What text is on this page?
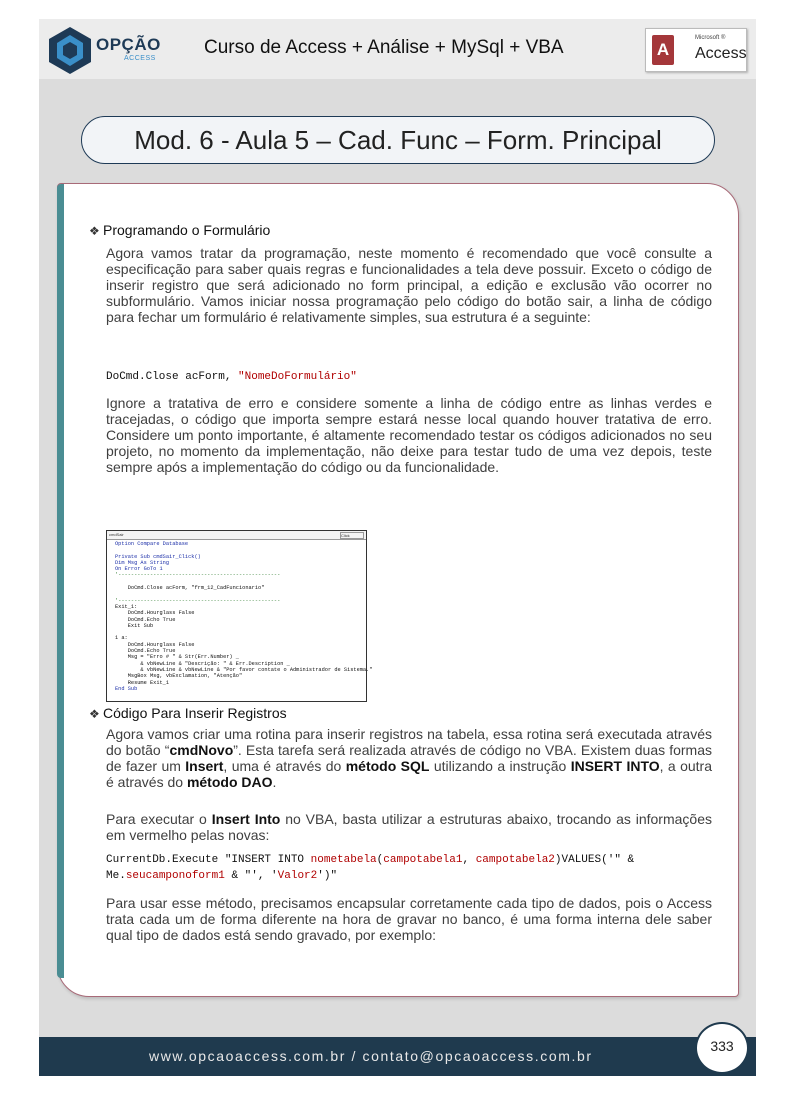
OPÇÃO
ACCESS
Curso de Access + Análise + MySql + VBA	A
Microsoft ®
Access
Mod. 6 - Aula 5 – Cad. Func – Form. Principal
❖ Programando o Formulário
Agora vamos tratar da programação, neste momento é recomendado que você consulte a especificação para saber quais regras e funcionalidades a tela deve possuir. Exceto o código de inserir registro que será adicionado no form principal, a edição e exclusão vão ocorrer no subformulário. Vamos iniciar nossa programação pelo código do botão sair, a linha de código para fechar um formulário é relativamente simples, sua estrutura é a seguinte:
DoCmd.Close acForm, "NomeDoFormulário"
Ignore a tratativa de erro e considere somente a linha de código entre as linhas verdes e tracejadas, o código que importa sempre estará nesse local quando houver tratativa de erro. Considere um ponto importante, é altamente recomendado testar os códigos adicionados no seu projeto, no momento da implementação, não deixe para testar tudo de uma vez depois, teste sempre após a implementação do código ou da funcionalidade.
cmdSair	Click
Option Compare Database

Private Sub cmdSair_Click()
Dim Msg As String
On Error GoTo 1
'---------------------------------------------------

DoCmd.Close acForm, "frm_12_CadFuncionario"

'---------------------------------------------------
Exit_1:
DoCmd.Hourglass False
DoCmd.Echo True
Exit Sub

1 a:
DoCmd.Hourglass False
DoCmd.Echo True
Msg = "Erro # " & Str(Err.Number) _
& vbNewLine & "Descrição: " & Err.Description _
& vbNewLine & vbNewLine & "Por favor contate o Administrador de Sistema."
MsgBox Msg, vbExclamation, "Atenção"
Resume Exit_1
End Sub
❖ Código Para Inserir Registros
Agora vamos criar uma rotina para inserir registros na tabela, essa rotina será executada através do botão “cmdNovo”. Esta tarefa será realizada através de código no VBA. Existem duas formas de fazer um Insert, uma é através do método SQL utilizando a instrução INSERT INTO, a outra é através do método DAO.
Para executar o Insert Into no VBA, basta utilizar a estruturas abaixo, trocando as informações em vermelho pelas novas:
CurrentDb.Execute "INSERT INTO nometabela(campotabela1, campotabela2)VALUES('" &
Me.seucamponoform1 & "', 'Valor2')"
Para usar esse método, precisamos encapsular corretamente cada tipo de dados, pois o Access trata cada um de forma diferente na hora de gravar no banco, é uma forma interna dele saber qual tipo de dados está sendo gravado, por exemplo:
www.opcaoaccess.com.br / contato@opcaoaccess.com.br
333
